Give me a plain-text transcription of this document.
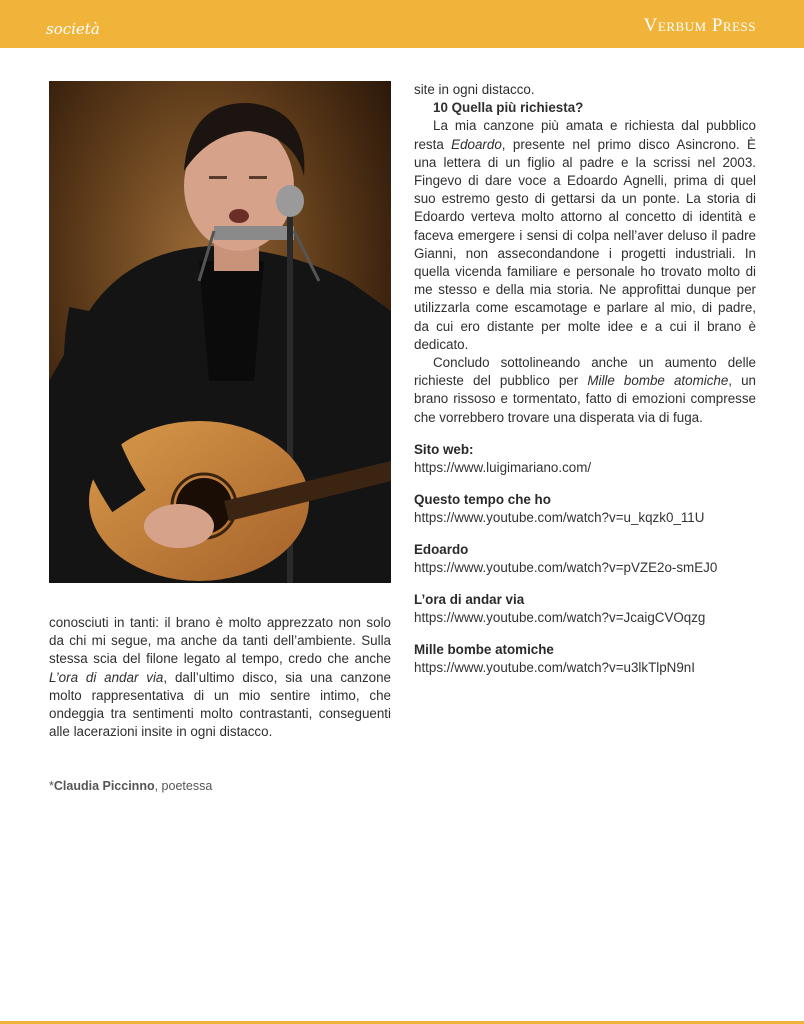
società	Verbum Press
conosciuti in tanti: il brano è molto apprezzato non solo da chi mi segue, ma anche da tanti dell’ambiente. Sulla stessa scia del filone legato al tempo, credo che anche L’ora di andar via, dall’ultimo disco, sia una canzone molto rappresentativa di un mio sentire intimo, che ondeggia tra sentimenti molto contrastanti, conseguenti alle lacerazioni insite in ogni distacco.
site in ogni distacco.
10 Quella più richiesta?
La mia canzone più amata e richiesta dal pubblico resta Edoardo, presente nel primo disco Asincrono. È una lettera di un figlio al padre e la scrissi nel 2003. Fingevo di dare voce a Edoardo Agnelli, prima di quel suo estremo gesto di gettarsi da un ponte. La storia di Edoardo verteva molto attorno al concetto di identità e faceva emergere i sensi di colpa nell’aver deluso il padre Gianni, non assecondandone i progetti industriali. In quella vicenda familiare e personale ho trovato molto di me stesso e della mia storia. Ne approfittai dunque per utilizzarla come escamotage e parlare al mio, di padre, da cui ero distante per molte idee e a cui il brano è dedicato.
Concludo sottolineando anche un aumento delle richieste del pubblico per Mille bombe atomiche, un brano rissoso e tormentato, fatto di emozioni compresse che vorrebbero trovare una disperata via di fuga.
Sito web:
https://www.luigimariano.com/
Questo tempo che ho
https://www.youtube.com/watch?v=u_kqzk0_11U
Edoardo
https://www.youtube.com/watch?v=pVZE2o-smEJ0
L’ora di andar via
https://www.youtube.com/watch?v=JcaigCVOqzg
Mille bombe atomiche
https://www.youtube.com/watch?v=u3lkTlpN9nI
*Claudia Piccinno, poetessa
